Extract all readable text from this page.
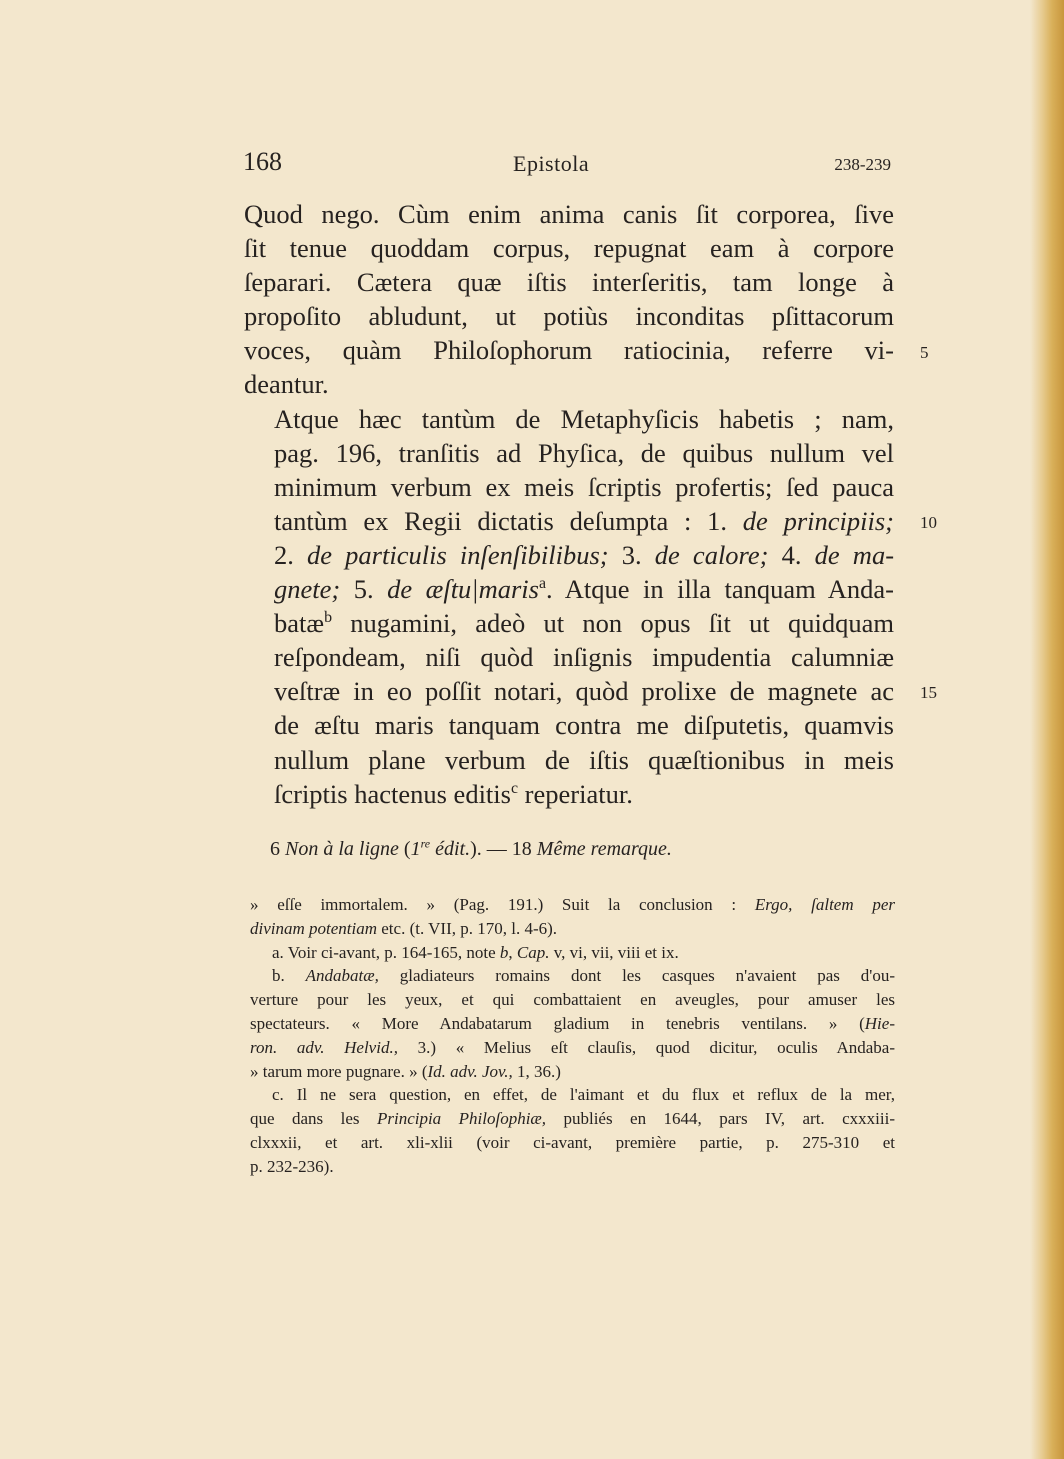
168	Epistola	238-239

Quod nego. Cùm enim anima canis ſit corporea, ſive
ſit tenue quoddam corpus, repugnat eam à corpore
ſeparari. Cætera quæ iſtis interſeritis, tam longe à
propoſito abludunt, ut potiùs inconditas pſittacorum
voces, quàm Philoſophorum ratiocinia, referre vi-
deantur.

Atque hæc tantùm de Metaphyſicis habetis ; nam,
pag. 196, tranſitis ad Phyſica, de quibus nullum vel
minimum verbum ex meis ſcriptis profertis; ſed pauca
tantùm ex Regii dictatis deſumpta : 1. de principiis;
2. de particulis inſenſibilibus; 3. de calore; 4. de ma-
gnete; 5. de æſtu|maris$^a$. Atque in illa tanquam Anda-
batæ$^b$ nugamini, adeò ut non opus ſit ut quidquam
reſpondeam, niſi quòd inſignis impudentia calumniæ
veſtræ in eo poſſit notari, quòd prolixe de magnete ac
de æſtu maris tanquam contra me diſputetis, quamvis
nullum plane verbum de iſtis quæſtionibus in meis
ſcriptis hactenus editis$^c$ reperiatur.

5
10
15
6 Non à la ligne (1re édit.). — 18 Même remarque.
» eſſe immortalem. » (Pag. 191.) Suit la conclusion : Ergo, ſaltem per
divinam potentiam etc. (t. VII, p. 170, l. 4-6).
a. Voir ci-avant, p. 164-165, note b, Cap. v, vi, vii, viii et ix.
b. Andabatæ, gladiateurs romains dont les casques n'avaient pas d'ou-
verture pour les yeux, et qui combattaient en aveugles, pour amuser les
spectateurs. « More Andabatarum gladium in tenebris ventilans. » (Hie-
ron. adv. Helvid., 3.) « Melius eſt clauſis, quod dicitur, oculis Andaba-
» tarum more pugnare. » (Id. adv. Jov., 1, 36.)
c. Il ne sera question, en effet, de l'aimant et du flux et reflux de la mer,
que dans les Principia Philoſophiæ, publiés en 1644, pars IV, art. cxxxiii-
clxxxii, et art. xli-xlii (voir ci-avant, première partie, p. 275-310 et
p. 232-236).
